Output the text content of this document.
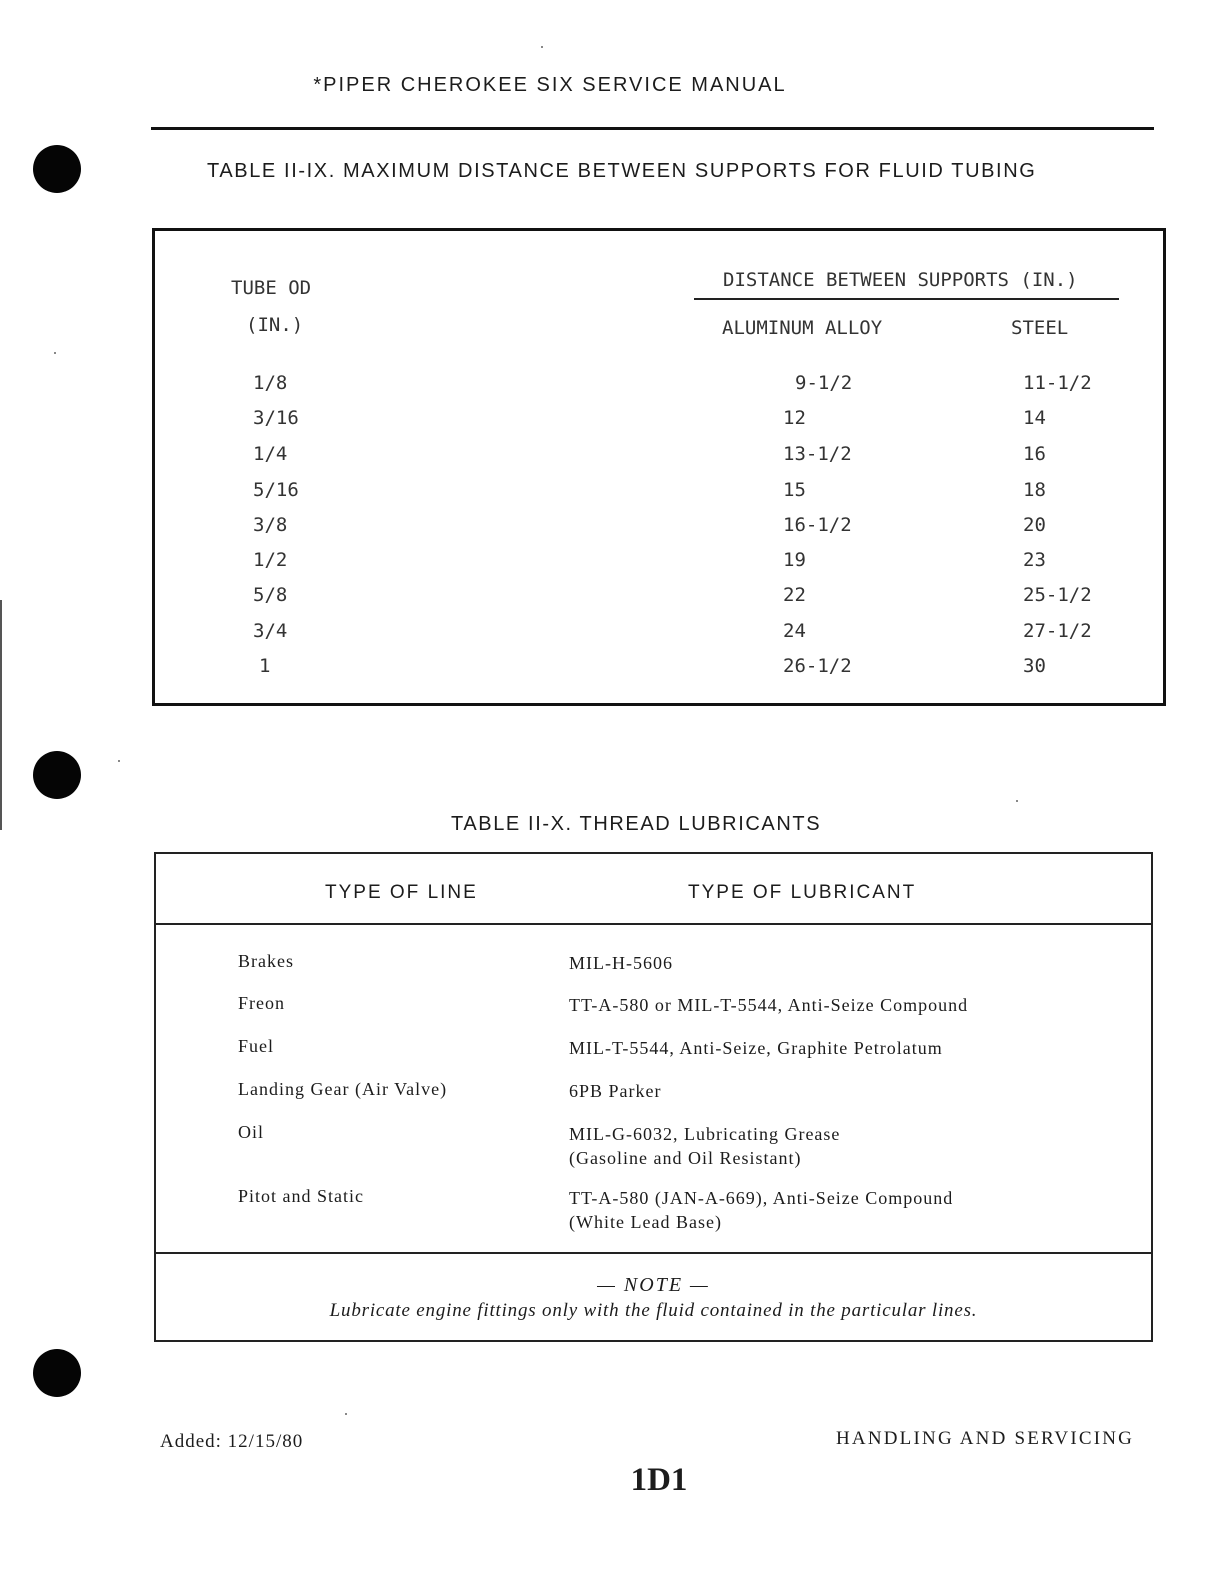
*PIPER CHEROKEE SIX SERVICE MANUAL
TABLE II-IX. MAXIMUM DISTANCE BETWEEN SUPPORTS FOR FLUID TUBING
TUBE OD
(IN.)
DISTANCE BETWEEN SUPPORTS (IN.)
ALUMINUM ALLOY	STEEL
1/8	9-1/2	11-1/2
3/16	12	14
1/4	13-1/2	16
5/16	15	18
3/8	16-1/2	20
1/2	19	23
5/8	22	25-1/2
3/4	24	27-1/2
1	26-1/2	30
TABLE II-X. THREAD LUBRICANTS
TYPE OF LINE	TYPE OF LUBRICANT
Brakes	MIL-H-5606
Freon	TT-A-580 or MIL-T-5544, Anti-Seize Compound
Fuel	MIL-T-5544, Anti-Seize, Graphite Petrolatum
Landing Gear (Air Valve)	6PB Parker
Oil	MIL-G-6032, Lubricating Grease
(Gasoline and Oil Resistant)
Pitot and Static	TT-A-580 (JAN-A-669), Anti-Seize Compound
(White Lead Base)
— NOTE —
Lubricate engine fittings only with the fluid contained in the particular lines.
Added: 12/15/80	HANDLING AND SERVICING
1D1
